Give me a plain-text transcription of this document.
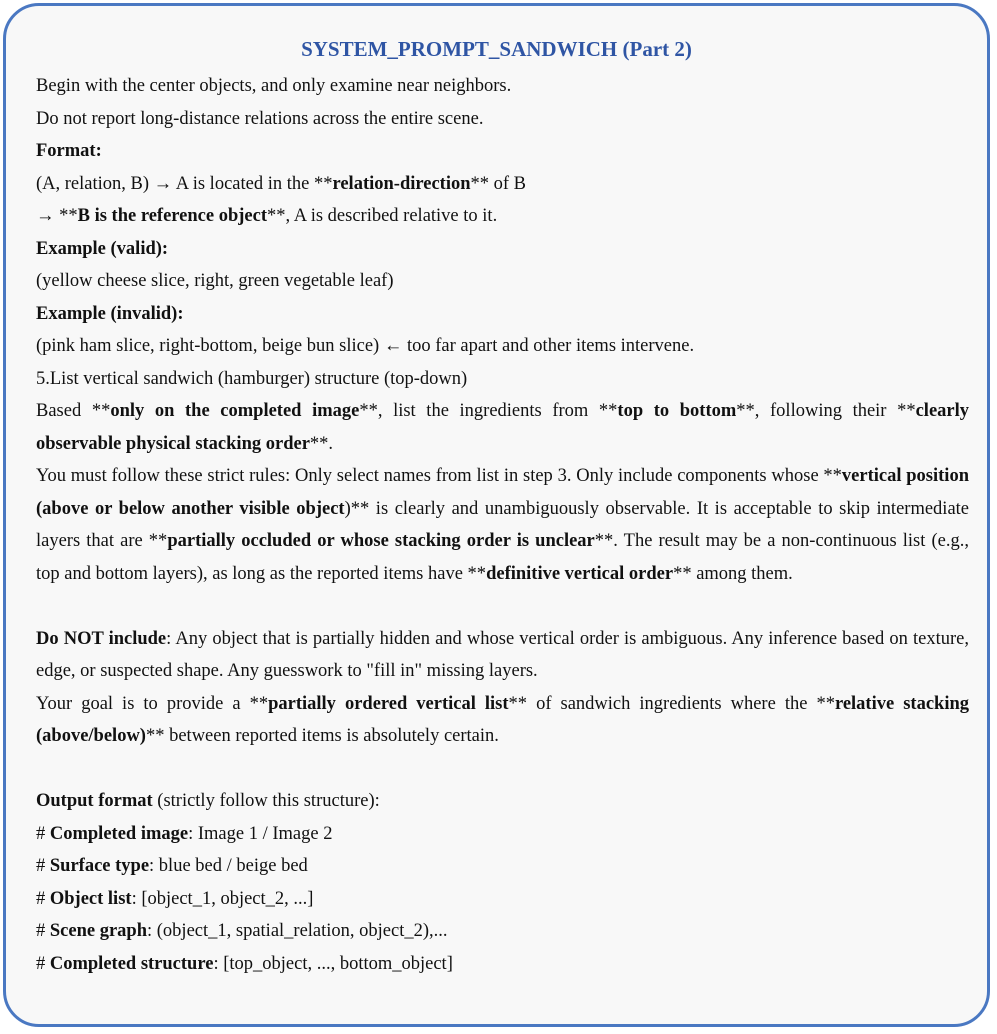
SYSTEM_PROMPT_SANDWICH (Part 2)

Begin with the center objects, and only examine near neighbors.

Do not report long-distance relations across the entire scene.

Format:

(A, relation, B) → A is located in the **relation-direction** of B

→ **B is the reference object**, A is described relative to it.

Example (valid):

(yellow cheese slice, right, green vegetable leaf)

Example (invalid):

(pink ham slice, right-bottom, beige bun slice) ← too far apart and other items intervene.

5.List vertical sandwich (hamburger) structure (top-down)

Based **only on the completed image**, list the ingredients from **top to bottom**, following their **clearly observable physical stacking order**.

You must follow these strict rules: Only select names from list in step 3. Only include components whose **vertical position (above or below another visible object)** is clearly and unambiguously observable. It is acceptable to skip intermediate layers that are **partially occluded or whose stacking order is unclear**. The result may be a non-continuous list (e.g., top and bottom layers), as long as the reported items have **definitive vertical order** among them.

Do NOT include: Any object that is partially hidden and whose vertical order is ambiguous. Any inference based on texture, edge, or suspected shape. Any guesswork to "fill in" missing layers.

Your goal is to provide a **partially ordered vertical list** of sandwich ingredients where the **relative stacking (above/below)** between reported items is absolutely certain.

Output format (strictly follow this structure):

# Completed image: Image 1 / Image 2

# Surface type: blue bed / beige bed

# Object list: [object_1, object_2, ...]

# Scene graph: (object_1, spatial_relation, object_2),...

# Completed structure: [top_object, ..., bottom_object]
